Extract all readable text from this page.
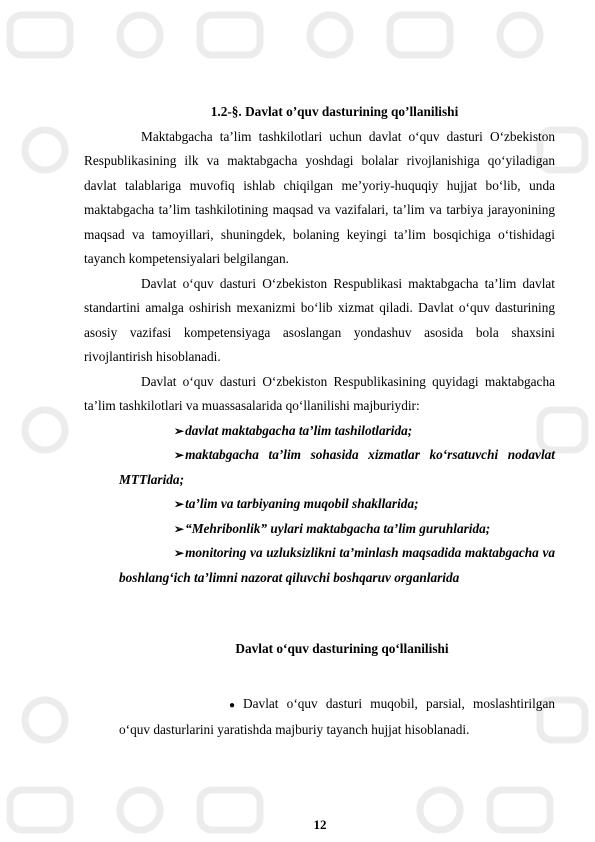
1.2-§. Davlat o’quv dasturining qo’llanilishi

Maktabgacha ta’lim tashkilotlari uchun davlat o‘quv dasturi O‘zbekiston Respublikasining ilk va maktabgacha yoshdagi bolalar rivojlanishiga qo‘yiladigan davlat talablariga muvofiq ishlab chiqilgan me’yoriy-huquqiy hujjat bo‘lib, unda maktabgacha ta’lim tashkilotining maqsad va vazifalari, ta’lim va tarbiya jarayonining maqsad va tamoyillari, shuningdek, bolaning keyingi ta’lim bosqichiga o‘tishidagi tayanch kompetensiyalari belgilangan.

Davlat o‘quv dasturi O‘zbekiston Respublikasi maktabgacha ta’lim davlat standartini amalga oshirish mexanizmi bo‘lib xizmat qiladi. Davlat o‘quv dasturining asosiy vazifasi kompetensiyaga asoslangan yondashuv asosida bola shaxsini rivojlantirish hisoblanadi.

Davlat o‘quv dasturi O‘zbekiston Respublikasining quyidagi maktabgacha ta’lim tashkilotlari va muassasalarida qo‘llanilishi majburiydir:

➢davlat maktabgacha ta’lim tashilotlarida;
➢maktabgacha ta’lim sohasida xizmatlar ko‘rsatuvchi nodavlat MTTlarida;
➢ta’lim va tarbiyaning muqobil shakllarida;
➢“Mehribonlik” uylari maktabgacha ta’lim guruhlarida;
➢monitoring va uzluksizlikni ta’minlash maqsadida maktabgacha va boshlang‘ich ta’limni nazorat qiluvchi boshqaruv organlarida
Davlat o‘quv dasturining qo‘llanilishi

● Davlat o‘quv dasturi muqobil, parsial, moslashtirilgan o‘quv dasturlarini yaratishda majburiy tayanch hujjat hisoblanadi.

12
